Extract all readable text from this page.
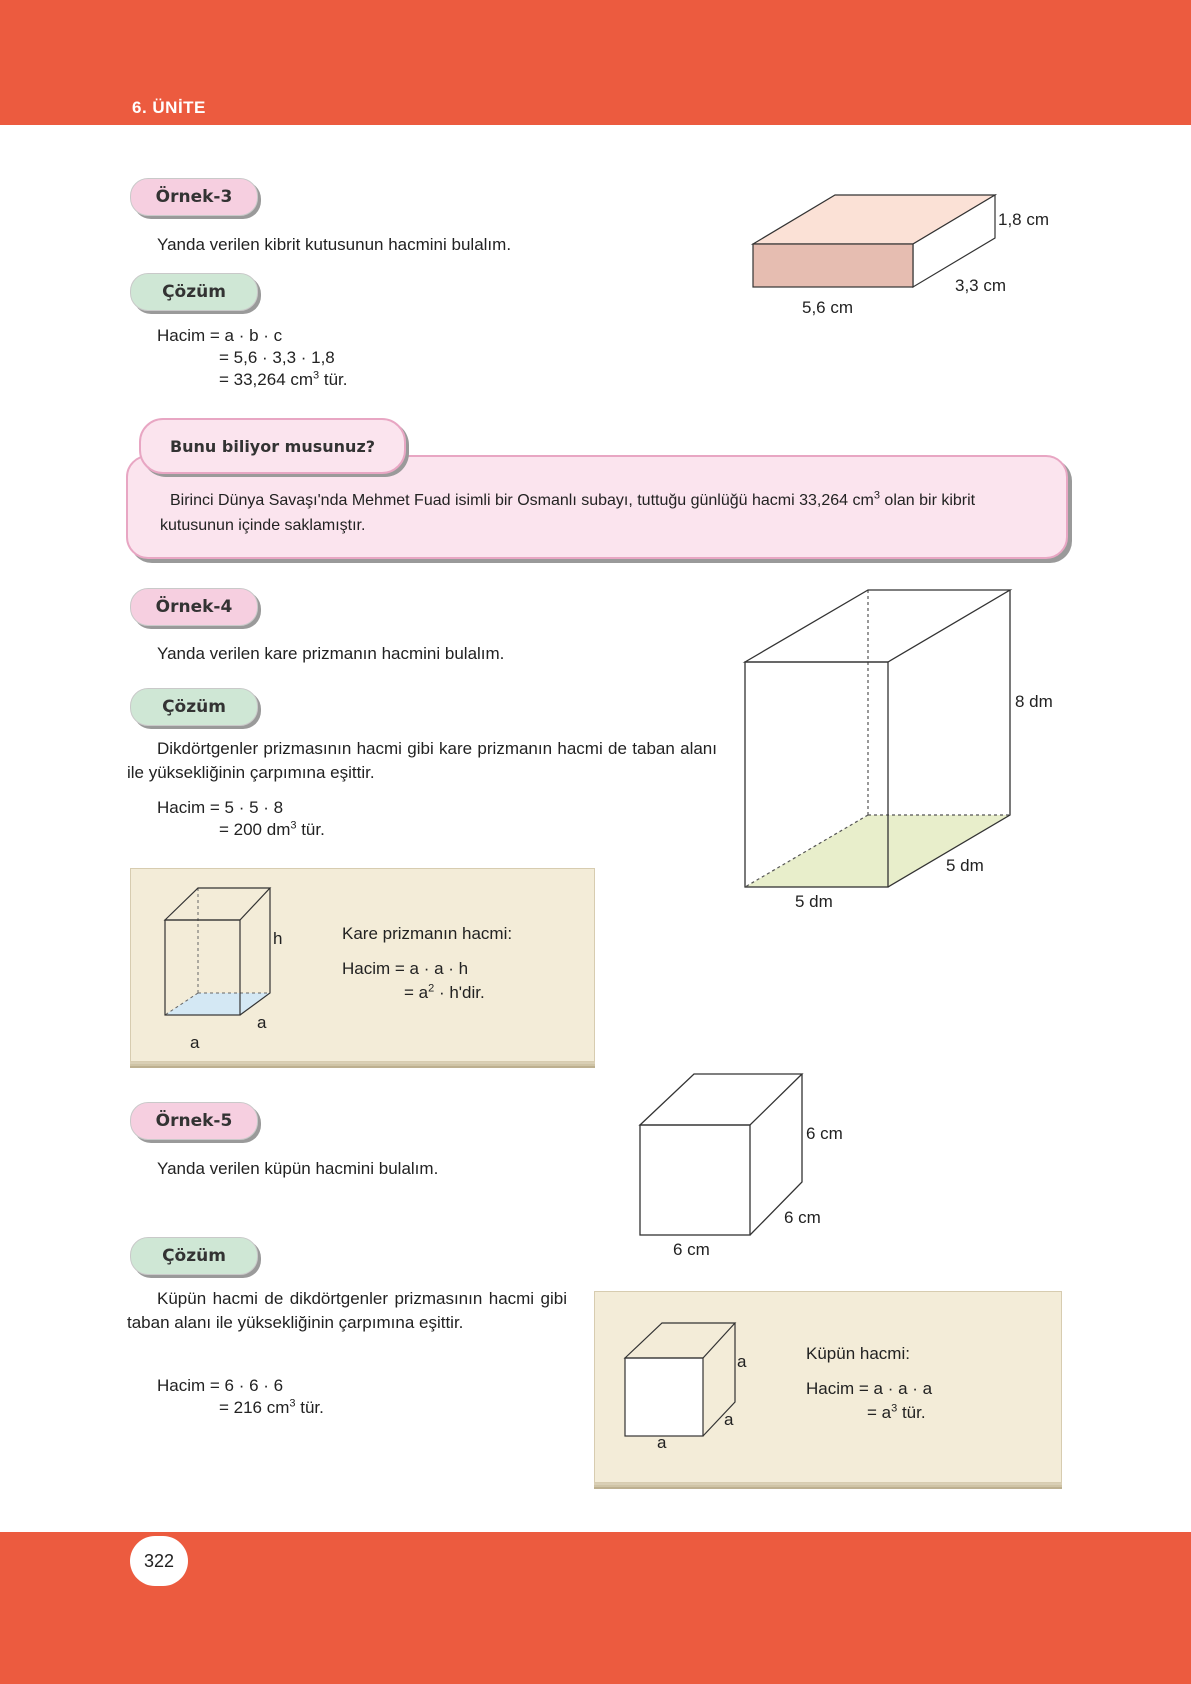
6. ÜNİTE
Örnek-3
Yanda verilen kibrit kutusunun hacmini bulalım.
Çözüm
Hacim = a · b · c
= 5,6 · 3,3 · 1,8
= 33,264 $cm^3$ tür.
1,8 cm
3,3 cm
5,6 cm
Bunu biliyor musunuz?
Birinci Dünya Savaşı'nda Mehmet Fuad isimli bir Osmanlı subayı, tuttuğu günlüğü hacmi 33,264 $cm^3$ olan bir kibrit kutusunun içinde saklamıştır.
Örnek-4
Yanda verilen kare prizmanın hacmini bulalım.
Çözüm
Dikdörtgenler prizmasının hacmi gibi kare prizmanın hacmi de taban alanı ile yüksekliğinin çarpımına eşittir.
Hacim = 5 · 5 · 8
= 200 $dm^3$ tür.
8 dm
5 dm
5 dm
h
a
a
Kare prizmanın hacmi:
Hacim = a · a · h
= $a^2 \cdot h'dir$.
Örnek-5
Yanda verilen küpün hacmini bulalım.
Çözüm
Küpün hacmi de dikdörtgenler prizmasının hacmi gibi taban alanı ile yüksekliğinin çarpımına eşittir.
Hacim = 6 · 6 · 6
= 216 $cm^3$ tür.
6 cm
6 cm
6 cm
a
a
a
Küpün hacmi:
Hacim = a · a · a
= $a^3$ tür.
322
